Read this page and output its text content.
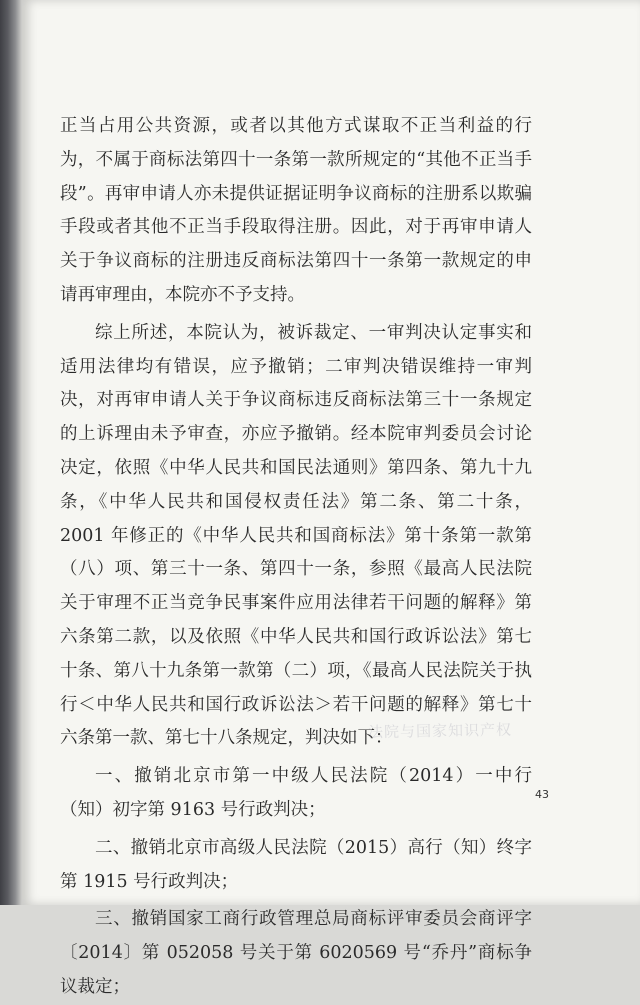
正当占用公共资源，或者以其他方式谋取不正当利益的行为，不属于商标法第四十一条第一款所规定的“其他不正当手段”。再审申请人亦未提供证据证明争议商标的注册系以欺骗手段或者其他不正当手段取得注册。因此，对于再审申请人关于争议商标的注册违反商标法第四十一条第一款规定的申请再审理由，本院亦不予支持。

综上所述，本院认为，被诉裁定、一审判决认定事实和适用法律均有错误，应予撤销；二审判决错误维持一审判决，对再审申请人关于争议商标违反商标法第三十一条规定的上诉理由未予审查，亦应予撤销。经本院审判委员会讨论决定，依照《中华人民共和国民法通则》第四条、第九十九条，《中华人民共和国侵权责任法》第二条、第二十条，2001 年修正的《中华人民共和国商标法》第十条第一款第（八）项、第三十一条、第四十一条，参照《最高人民法院关于审理不正当竞争民事案件应用法律若干问题的解释》第六条第二款，以及依照《中华人民共和国行政诉讼法》第七十条、第八十九条第一款第（二）项，《最高人民法院关于执行＜中华人民共和国行政诉讼法＞若干问题的解释》第七十六条第一款、第七十八条规定，判决如下：

一、撤销北京市第一中级人民法院（2014）一中行（知）初字第 9163 号行政判决；

二、撤销北京市高级人民法院（2015）高行（知）终字第 1915 号行政判决；

三、撤销国家工商行政管理总局商标评审委员会商评字〔2014〕第 052058 号关于第 6020569 号“乔丹”商标争议裁定；

法院与国家知识产权
43
